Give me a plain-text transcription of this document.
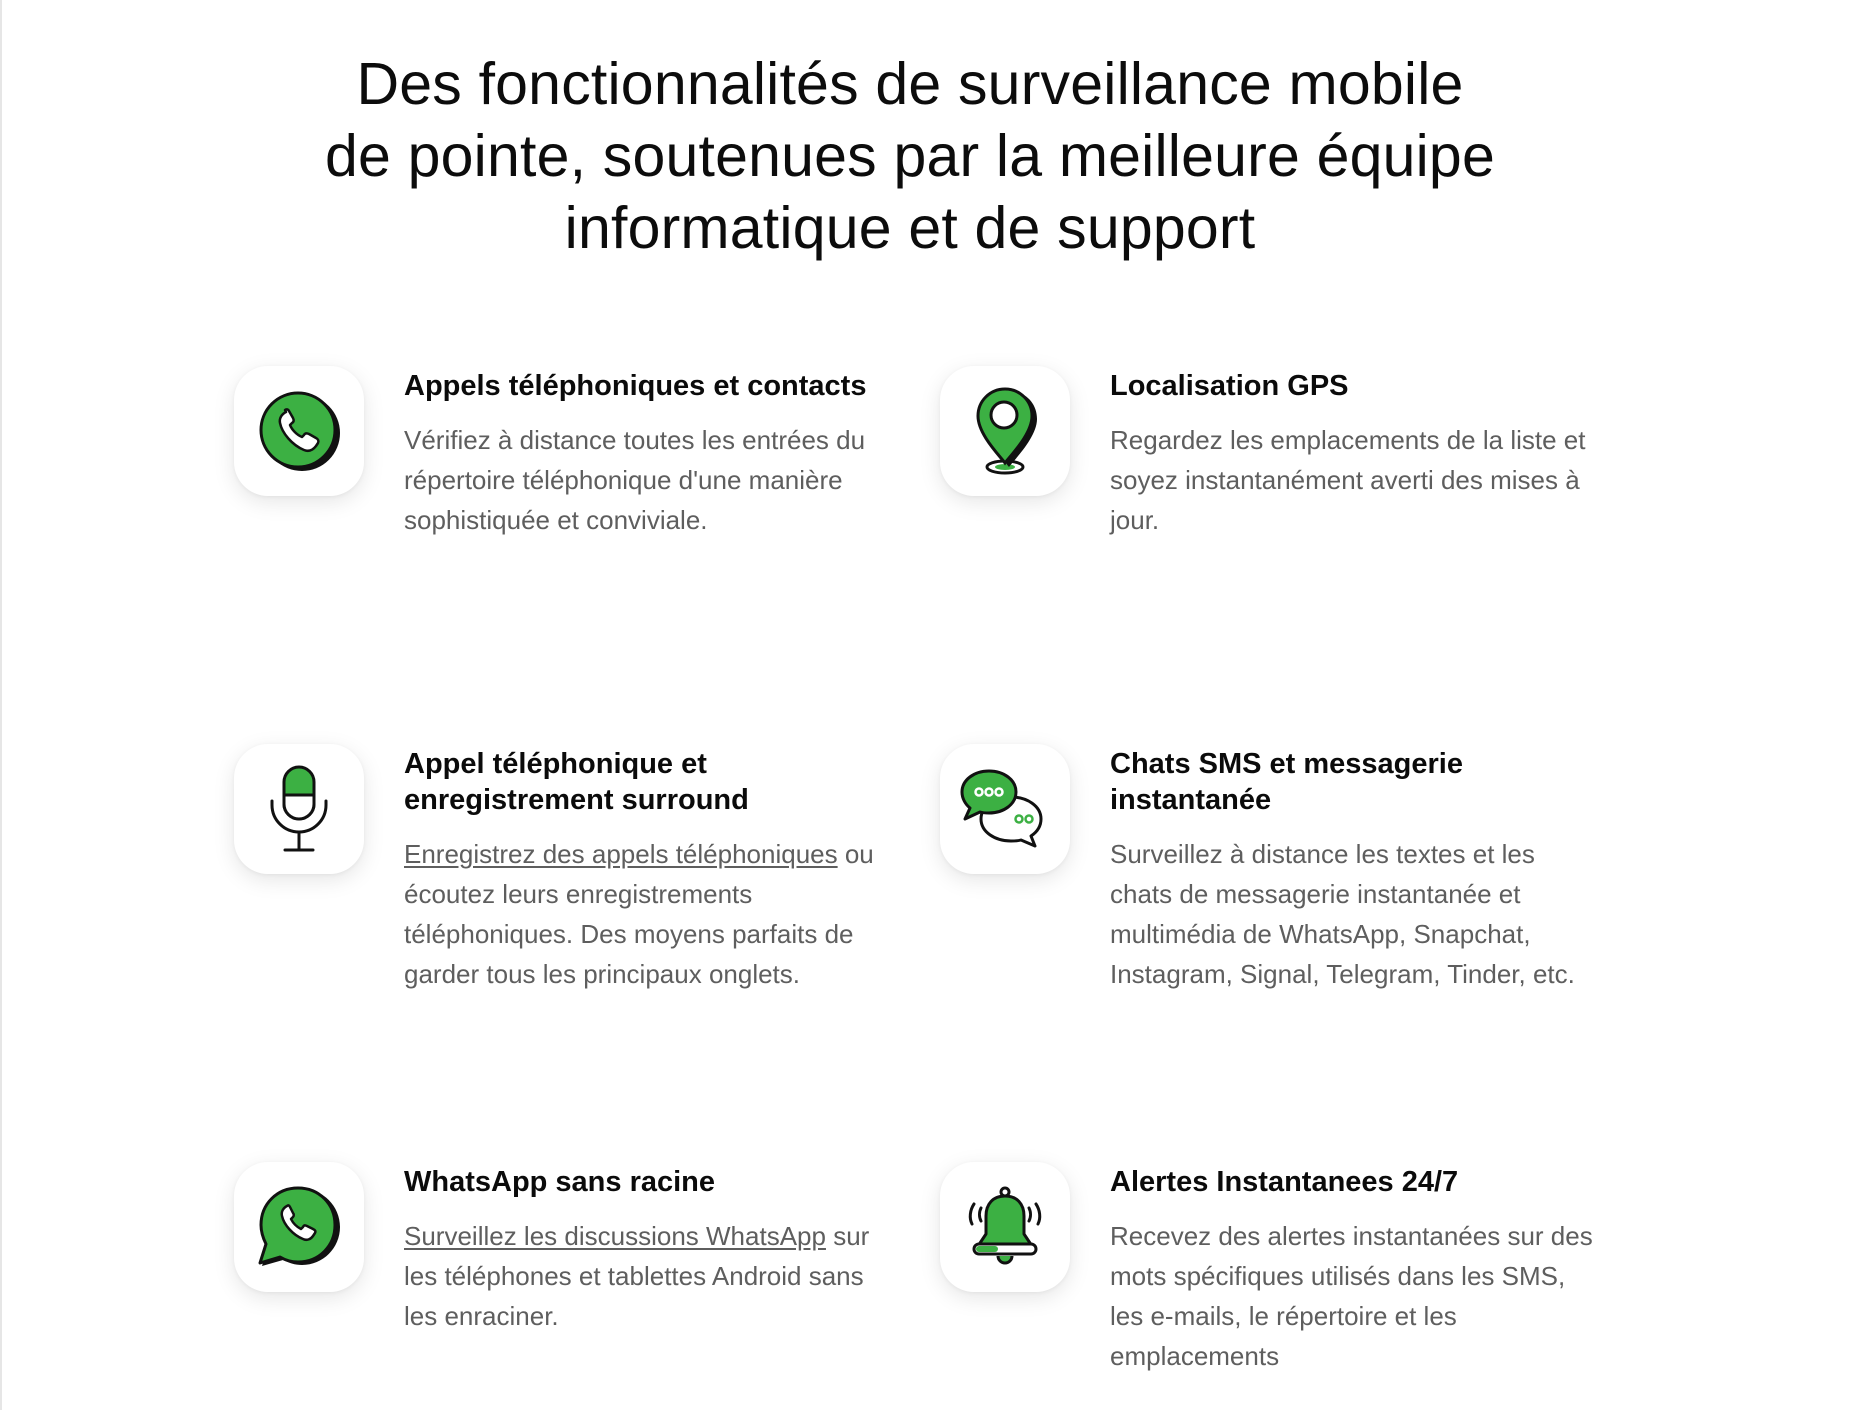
Des fonctionnalités de surveillance mobile
de pointe, soutenues par la meilleure équipe
informatique et de support
Appels téléphoniques et contacts
Vérifiez à distance toutes les entrées du répertoire téléphonique d'une manière sophistiquée et conviviale.
Localisation GPS
Regardez les emplacements de la liste et soyez instantanément averti des mises à jour.
Appel téléphonique et enregistrement surround
Enregistrez des appels téléphoniques ou écoutez leurs enregistrements téléphoniques. Des moyens parfaits de garder tous les principaux onglets.
Chats SMS et messagerie instantanée
Surveillez à distance les textes et les chats de messagerie instantanée et multimédia de WhatsApp, Snapchat, Instagram, Signal, Telegram, Tinder, etc.
WhatsApp sans racine
Surveillez les discussions WhatsApp sur les téléphones et tablettes Android sans les enraciner.
Alertes Instantanees 24/7
Recevez des alertes instantanées sur des mots spécifiques utilisés dans les SMS, les e-mails, le répertoire et les emplacements
